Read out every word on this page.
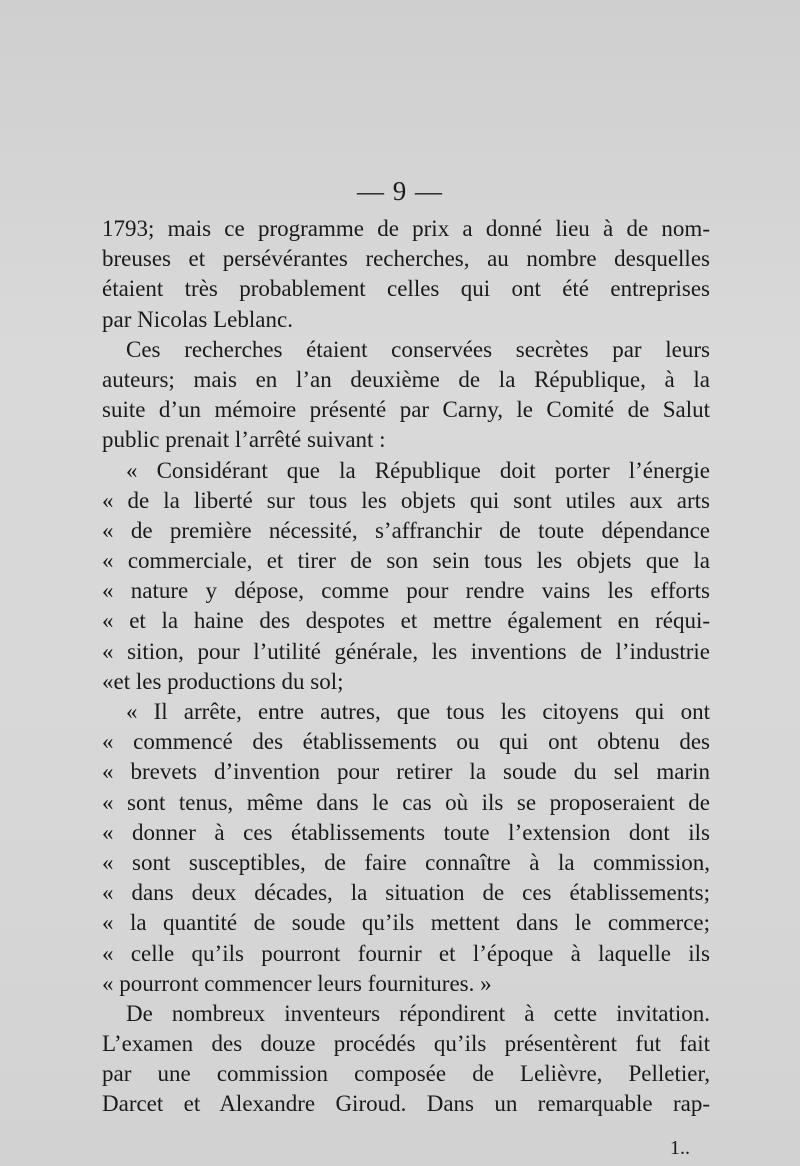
— 9 —
1793; mais ce programme de prix a donné lieu à de nom-
breuses et persévérantes recherches, au nombre desquelles
étaient très probablement celles qui ont été entreprises
par Nicolas Leblanc.
Ces recherches étaient conservées secrètes par leurs
auteurs; mais en l’an deuxième de la République, à la
suite d’un mémoire présenté par Carny, le Comité de Salut
public prenait l’arrêté suivant :
« Considérant que la République doit porter l’énergie
« de la liberté sur tous les objets qui sont utiles aux arts
« de première nécessité, s’affranchir de toute dépendance
« commerciale, et tirer de son sein tous les objets que la
« nature y dépose, comme pour rendre vains les efforts
« et la haine des despotes et mettre également en réqui-
« sition, pour l’utilité générale, les inventions de l’industrie
«et les productions du sol;
« Il arrête, entre autres, que tous les citoyens qui ont
« commencé des établissements ou qui ont obtenu des
« brevets d’invention pour retirer la soude du sel marin
« sont tenus, même dans le cas où ils se proposeraient de
« donner à ces établissements toute l’extension dont ils
« sont susceptibles, de faire connaître à la commission,
« dans deux décades, la situation de ces établissements;
« la quantité de soude qu’ils mettent dans le commerce;
« celle qu’ils pourront fournir et l’époque à laquelle ils
« pourront commencer leurs fournitures. »
De nombreux inventeurs répondirent à cette invitation.
L’examen des douze procédés qu’ils présentèrent fut fait
par une commission composée de Lelièvre, Pelletier,
Darcet et Alexandre Giroud. Dans un remarquable rap-
1..
